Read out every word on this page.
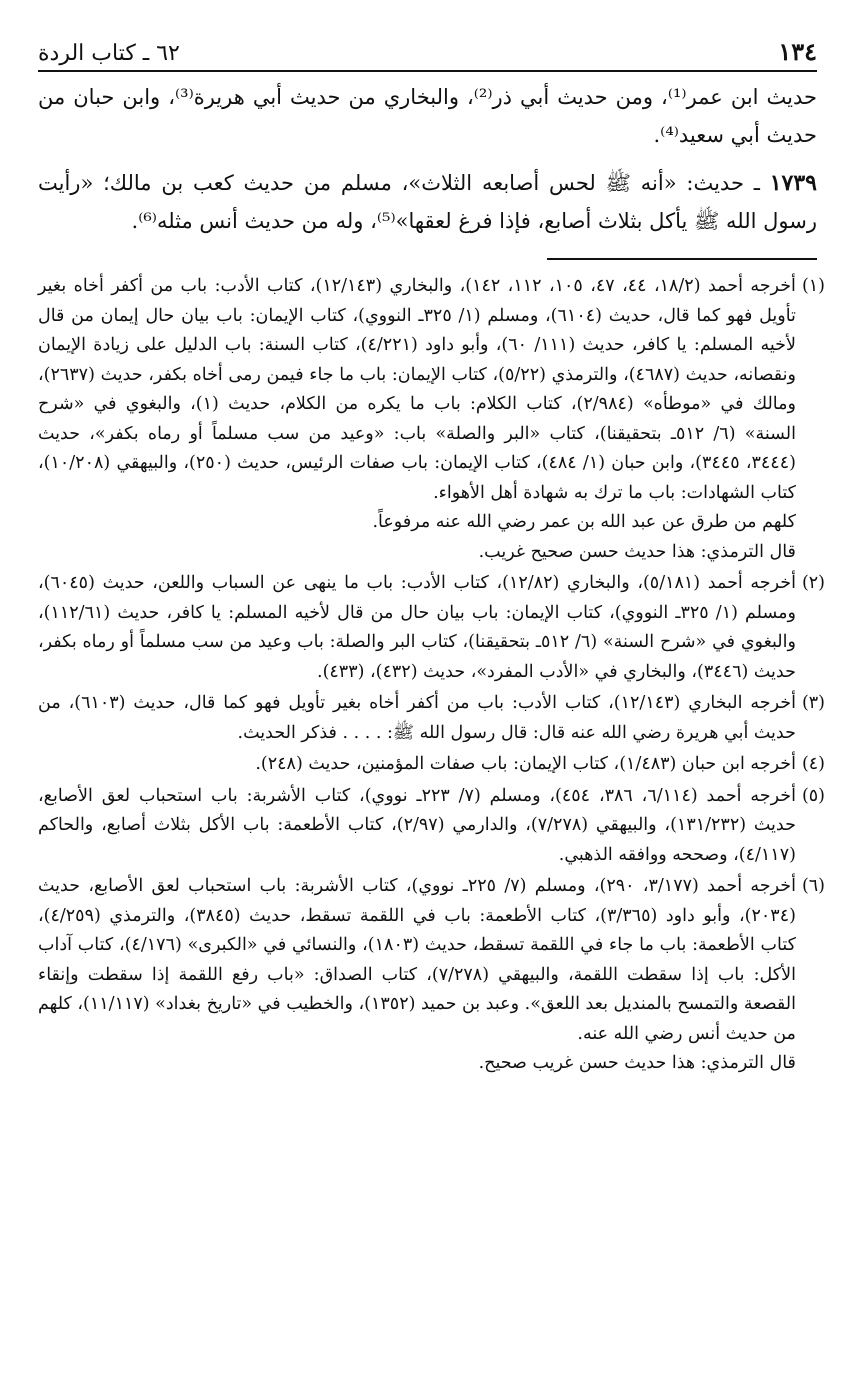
١٣٤
٦٢ ـ كتاب الردة

حديث ابن عمر⁽¹⁾، ومن حديث أبي ذر⁽²⁾، والبخاري من حديث أبي هريرة⁽³⁾، وابن حبان من حديث أبي سعيد⁽⁴⁾.

١٧٣٩ ـ حديث: «أنه ﷺ لحس أصابعه الثلاث»، مسلم من حديث كعب بن مالك؛ «رأيت رسول الله ﷺ يأكل بثلاث أصابع، فإذا فرغ لعقها»⁽⁵⁾، وله من حديث أنس مثله⁽⁶⁾.

(١)

أخرجه أحمد (١٨/٢، ٤٤، ٤٧، ١٠٥، ١١٢، ١٤٢)، والبخاري (١٢/١٤٣)، كتاب الأدب: باب من أكفر أخاه بغير تأويل فهو كما قال، حديث (٦١٠٤)، ومسلم (١/ ٣٢٥ـ النووي)، كتاب الإيمان: باب بيان حال إيمان من قال لأخيه المسلم: يا كافر، حديث (١١١/ ٦٠)، وأبو داود (٤/٢٢١)، كتاب السنة: باب الدليل على زيادة الإيمان ونقصانه، حديث (٤٦٨٧)، والترمذي (٥/٢٢)، كتاب الإيمان: باب ما جاء فيمن رمى أخاه بكفر، حديث (٢٦٣٧)، ومالك في «موطأه» (٢/٩٨٤)، كتاب الكلام: باب ما يكره من الكلام، حديث (١)، والبغوي في «شرح السنة» (٦/ ٥١٢ـ بتحقيقنا)، كتاب «البر والصلة» باب: «وعيد من سب مسلماً أو رماه بكفر»، حديث (٣٤٤٤، ٣٤٤٥)، وابن حبان (١/ ٤٨٤)، كتاب الإيمان: باب صفات الرئيس، حديث (٢٥٠)، والبيهقي (١٠/٢٠٨)، كتاب الشهادات: باب ما ترك به شهادة أهل الأهواء.

كلهم من طرق عن عبد الله بن عمر رضي الله عنه مرفوعاً.

قال الترمذي: هذا حديث حسن صحيح غريب.

(٢)

أخرجه أحمد (٥/١٨١)، والبخاري (١٢/٨٢)، كتاب الأدب: باب ما ينهى عن السباب واللعن، حديث (٦٠٤٥)، ومسلم (١/ ٣٢٥ـ النووي)، كتاب الإيمان: باب بيان حال من قال لأخيه المسلم: يا كافر، حديث (١١٢/٦١)، والبغوي في «شرح السنة» (٦/ ٥١٢ـ بتحقيقنا)، كتاب البر والصلة: باب وعيد من سب مسلماً أو رماه بكفر، حديث (٣٤٤٦)، والبخاري في «الأدب المفرد»، حديث (٤٣٢)، (٤٣٣).

(٣)

أخرجه البخاري (١٢/١٤٣)، كتاب الأدب: باب من أكفر أخاه بغير تأويل فهو كما قال، حديث (٦١٠٣)، من حديث أبي هريرة رضي الله عنه قال: قال رسول الله ﷺ: . . . . فذكر الحديث.

(٤)

أخرجه ابن حبان (١/٤٨٣)، كتاب الإيمان: باب صفات المؤمنين، حديث (٢٤٨).

(٥)

أخرجه أحمد (٦/١١٤، ٣٨٦، ٤٥٤)، ومسلم (٧/ ٢٢٣ـ نووي)، كتاب الأشربة: باب استحباب لعق الأصابع، حديث (١٣١/٢٣٢)، والبيهقي (٧/٢٧٨)، والدارمي (٢/٩٧)، كتاب الأطعمة: باب الأكل بثلاث أصابع، والحاكم (٤/١١٧)، وصححه ووافقه الذهبي.

(٦)

أخرجه أحمد (٣/١٧٧، ٢٩٠)، ومسلم (٧/ ٢٢٥ـ نووي)، كتاب الأشربة: باب استحباب لعق الأصابع، حديث (٢٠٣٤)، وأبو داود (٣/٣٦٥)، كتاب الأطعمة: باب في اللقمة تسقط، حديث (٣٨٤٥)، والترمذي (٤/٢٥٩)، كتاب الأطعمة: باب ما جاء في اللقمة تسقط، حديث (١٨٠٣)، والنسائي في «الكبرى» (٤/١٧٦)، كتاب آداب الأكل: باب إذا سقطت اللقمة، والبيهقي (٧/٢٧٨)، كتاب الصداق: «باب رفع اللقمة إذا سقطت وإنقاء القصعة والتمسح بالمنديل بعد اللعق». وعبد بن حميد (١٣٥٢)، والخطيب في «تاريخ بغداد» (١١/١١٧)، كلهم من حديث أنس رضي الله عنه.

قال الترمذي: هذا حديث حسن غريب صحيح.
